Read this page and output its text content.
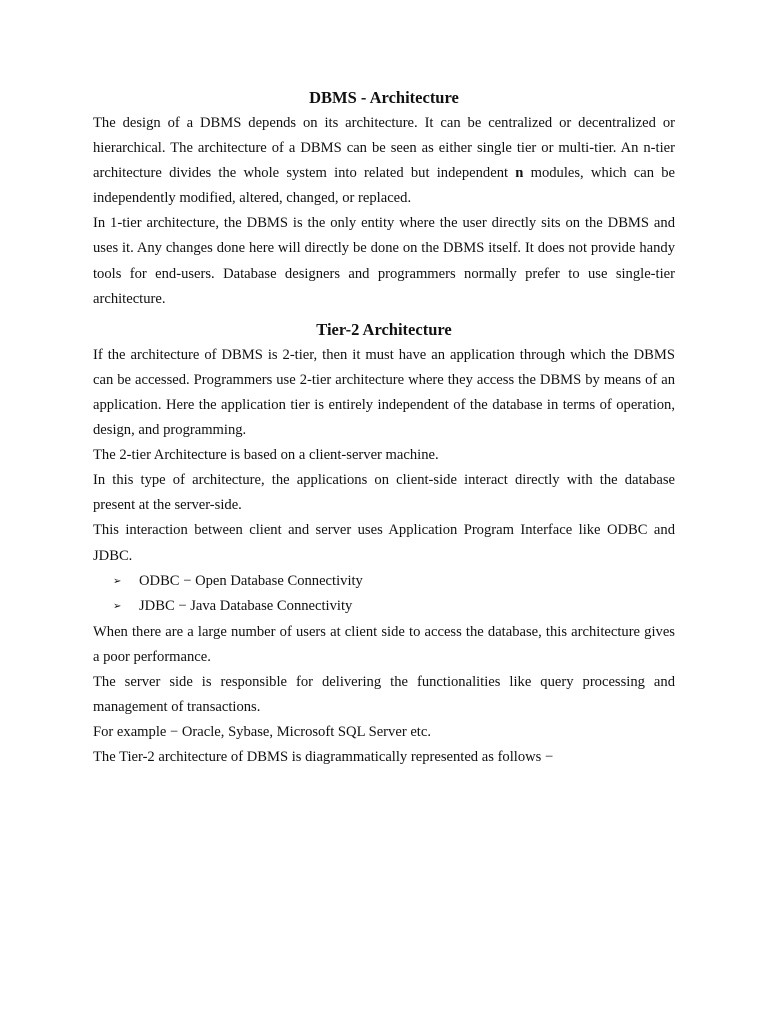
DBMS - Architecture

The design of a DBMS depends on its architecture. It can be centralized or decentralized or hierarchical. The architecture of a DBMS can be seen as either single tier or multi-tier. An n-tier architecture divides the whole system into related but independent n modules, which can be independently modified, altered, changed, or replaced.

In 1-tier architecture, the DBMS is the only entity where the user directly sits on the DBMS and uses it. Any changes done here will directly be done on the DBMS itself. It does not provide handy tools for end-users. Database designers and programmers normally prefer to use single-tier architecture.

Tier-2 Architecture

If the architecture of DBMS is 2-tier, then it must have an application through which the DBMS can be accessed. Programmers use 2-tier architecture where they access the DBMS by means of an application. Here the application tier is entirely independent of the database in terms of operation, design, and programming.

The 2-tier Architecture is based on a client-server machine.

In this type of architecture, the applications on client-side interact directly with the database present at the server-side.

This interaction between client and server uses Application Program Interface like ODBC and JDBC.

➢ ODBC − Open Database Connectivity
➢ JDBC − Java Database Connectivity

When there are a large number of users at client side to access the database, this architecture gives a poor performance.

The server side is responsible for delivering the functionalities like query processing and management of transactions.

For example − Oracle, Sybase, Microsoft SQL Server etc.

The Tier-2 architecture of DBMS is diagrammatically represented as follows −
